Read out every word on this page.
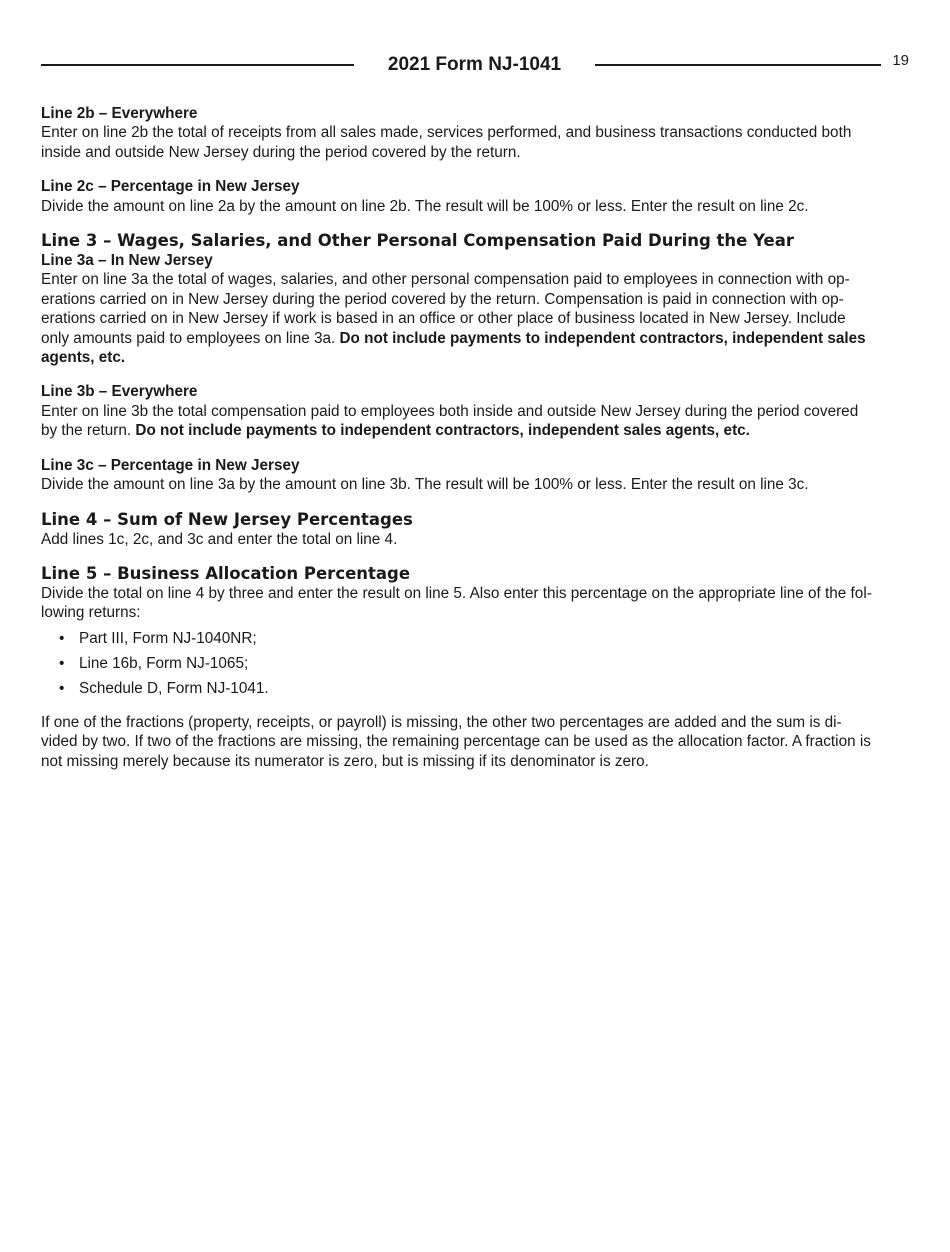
2021 Form NJ-1041	19

Line 2b – Everywhere

Enter on line 2b the total of receipts from all sales made, services performed, and business transactions conducted both

inside and outside New Jersey during the period covered by the return.

Line 2c – Percentage in New Jersey

Divide the amount on line 2a by the amount on line 2b. The result will be 100% or less. Enter the result on line 2c.

Line 3 – Wages, Salaries, and Other Personal Compensation Paid During the Year

Line 3a – In New Jersey

Enter on line 3a the total of wages, salaries, and other personal compensation paid to employees in connection with op-

erations carried on in New Jersey during the period covered by the return. Compensation is paid in connection with op-

erations carried on in New Jersey if work is based in an office or other place of business located in New Jersey. Include

only amounts paid to employees on line 3a. Do not include payments to independent contractors, independent sales

agents, etc.

Line 3b – Everywhere

Enter on line 3b the total compensation paid to employees both inside and outside New Jersey during the period covered

by the return. Do not include payments to independent contractors, independent sales agents, etc.

Line 3c – Percentage in New Jersey

Divide the amount on line 3a by the amount on line 3b. The result will be 100% or less. Enter the result on line 3c.

Line 4 – Sum of New Jersey Percentages

Add lines 1c, 2c, and 3c and enter the total on line 4.

Line 5 – Business Allocation Percentage

Divide the total on line 4 by three and enter the result on line 5. Also enter this percentage on the appropriate line of the fol-

lowing returns:

• Part III, Form NJ-1040NR;
• Line 16b, Form NJ-1065;
• Schedule D, Form NJ-1041.

If one of the fractions (property, receipts, or payroll) is missing, the other two percentages are added and the sum is di-

vided by two. If two of the fractions are missing, the remaining percentage can be used as the allocation factor. A fraction is

not missing merely because its numerator is zero, but is missing if its denominator is zero.
